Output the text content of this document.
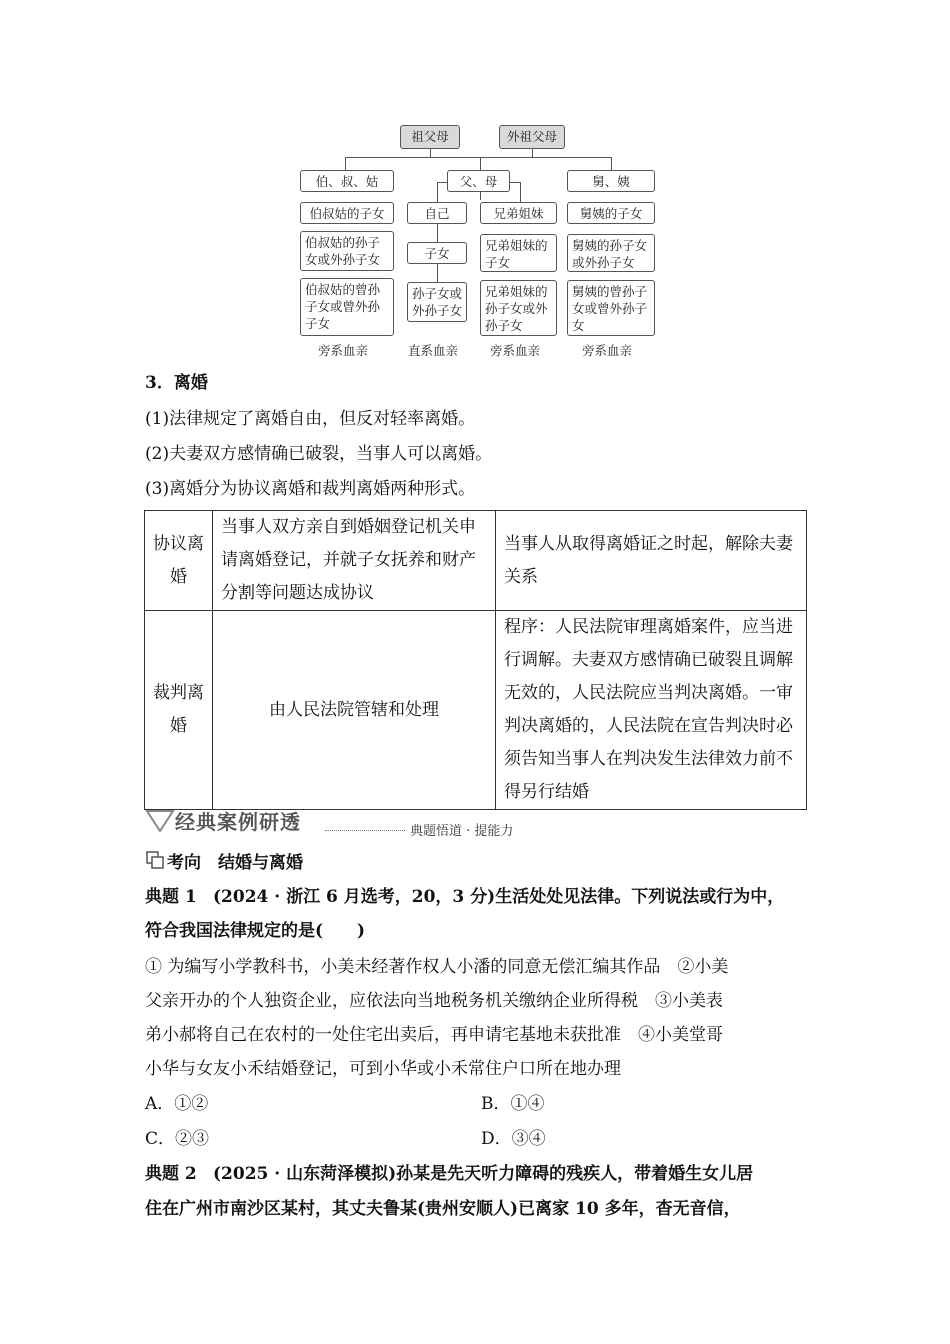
祖父母	外祖父母
伯、叔、姑	父、母	舅、姨
伯叔姑的子女	自己	兄弟姐妹	舅姨的子女
伯叔姑的孙子女或外孙子女	子女
兄弟姐妹的子女
舅姨的孙子女或外孙子女
伯叔姑的曾孙子女或曾外孙子女
孙子女或外孙子女
兄弟姐妹的孙子女或外孙子女
舅姨的曾孙子女或曾外孙子女
旁系血亲	直系血亲	旁系血亲	旁系血亲
3．离婚
(1)法律规定了离婚自由，但反对轻率离婚。
(2)夫妻双方感情确已破裂，当事人可以离婚。
(3)离婚分为协议离婚和裁判离婚两种形式。
协议离婚	当事人双方亲自到婚姻登记机关申请离婚登记，并就子女抚养和财产分割等问题达成协议	当事人从取得离婚证之时起，解除夫妻关系
裁判离婚	由人民法院管辖和处理	程序：人民法院审理离婚案件，应当进行调解。夫妻双方感情确已破裂且调解无效的，人民法院应当判决离婚。一审判决离婚的，人民法院在宣告判决时必须告知当事人在判决发生法律效力前不得另行结婚
经典案例研透	典题悟道 · 提能力
考向　结婚与离婚
典题 1 (2024 · 浙江 6 月选考，20，3 分)生活处处见法律。下列说法或行为中，
符合我国法律规定的是(　　)
① 为编写小学教科书，小美未经著作权人小潘的同意无偿汇编其作品　②小美
父亲开办的个人独资企业，应依法向当地税务机关缴纳企业所得税　③小美表
弟小郝将自己在农村的一处住宅出卖后，再申请宅基地未获批准　④小美堂哥
小华与女友小禾结婚登记，可到小华或小禾常住户口所在地办理
A．①②	B．①④
C．②③	D．③④
典题 2 (2025 · 山东菏泽模拟)孙某是先天听力障碍的残疾人，带着婚生女儿居
住在广州市南沙区某村，其丈夫鲁某(贵州安顺人)已离家 10 多年，杳无音信，
